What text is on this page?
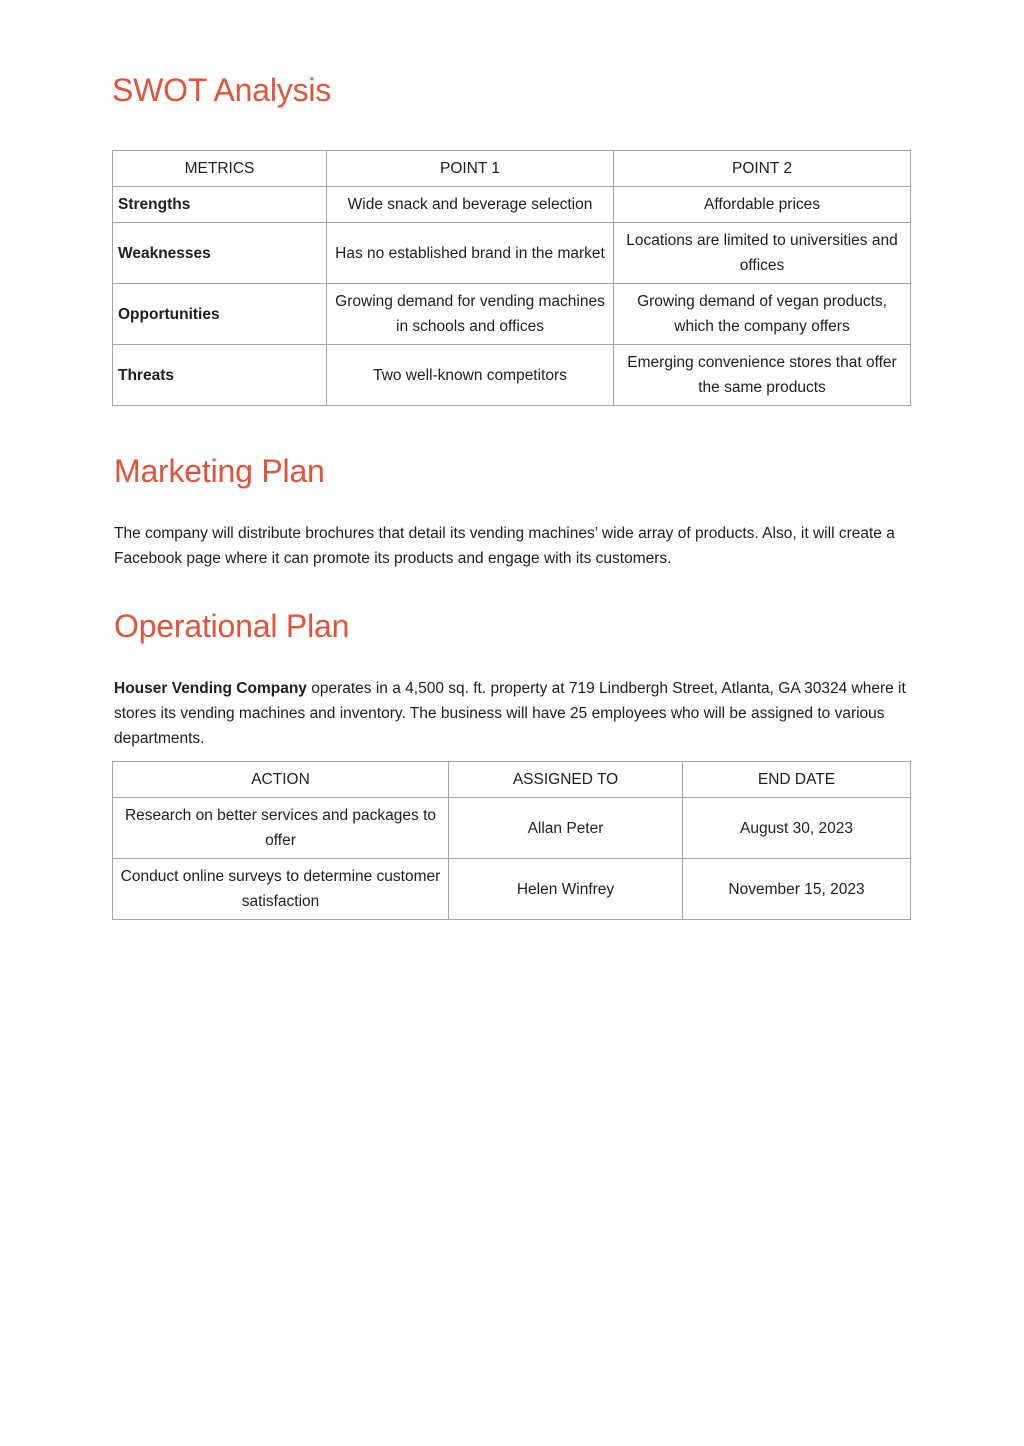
SWOT Analysis
METRICS	POINT 1	POINT 2
Strengths	Wide snack and beverage selection	Affordable prices
Weaknesses	Has no established brand in the market	Locations are limited to universities and offices
Opportunities	Growing demand for vending machines in schools and offices	Growing demand of vegan products, which the company offers
Threats	Two well-known competitors	Emerging convenience stores that offer the same products
Marketing Plan

The company will distribute brochures that detail its vending machines’ wide array of products. Also, it will create a Facebook page where it can promote its products and engage with its customers.

Operational Plan

Houser Vending Company operates in a 4,500 sq. ft. property at 719 Lindbergh Street, Atlanta, GA 30324 where it stores its vending machines and inventory. The business will have 25 employees who will be assigned to various departments.

ACTION	ASSIGNED TO	END DATE
Research on better services and packages to offer	Allan Peter	August 30, 2023
Conduct online surveys to determine customer satisfaction	Helen Winfrey	November 15, 2023
